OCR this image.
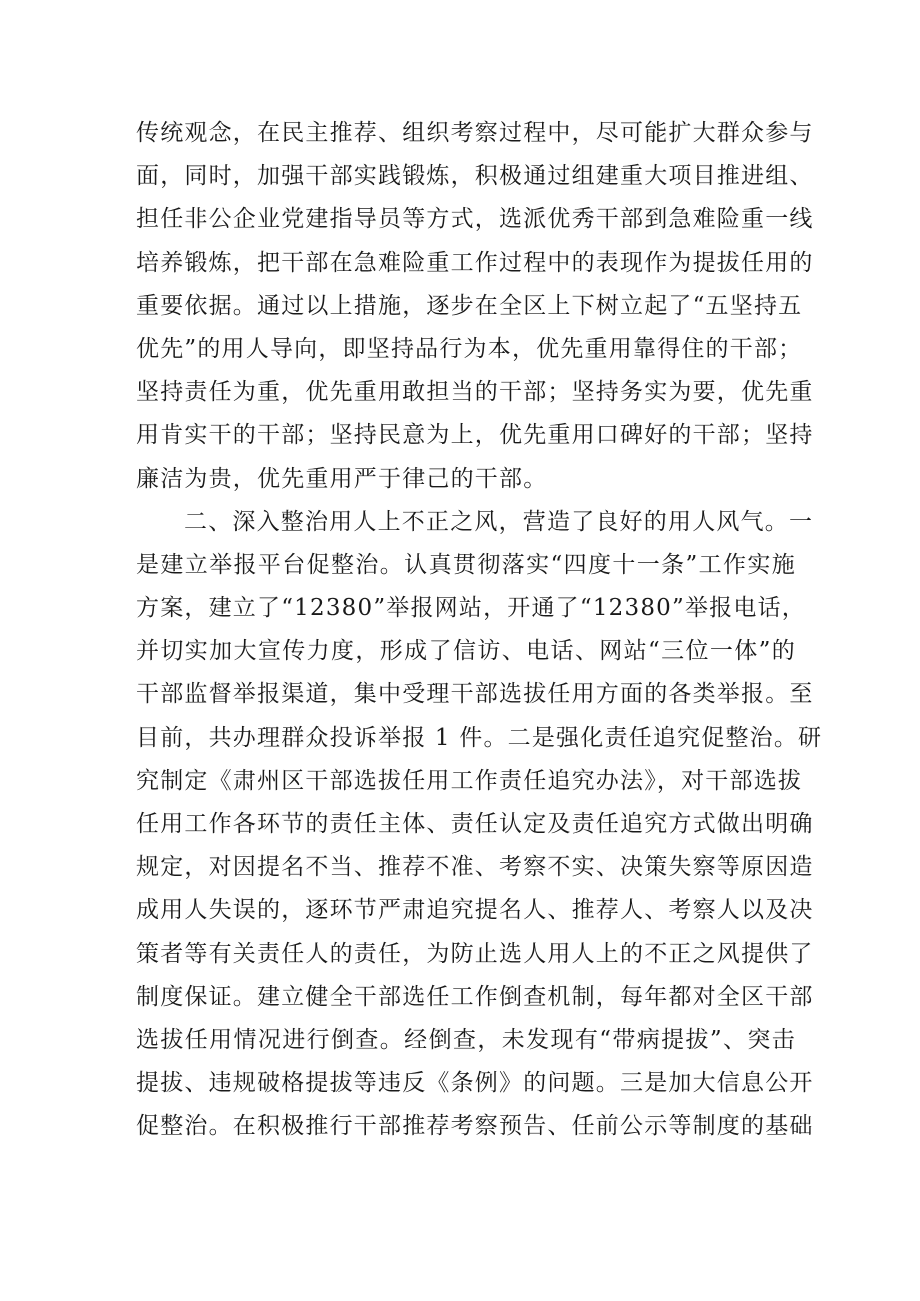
传统观念，在民主推荐、组织考察过程中，尽可能扩大群众参与
面，同时，加强干部实践锻炼，积极通过组建重大项目推进组、
担任非公企业党建指导员等方式，选派优秀干部到急难险重一线
培养锻炼，把干部在急难险重工作过程中的表现作为提拔任用的
重要依据。通过以上措施，逐步在全区上下树立起了“五坚持五
优先”的用人导向，即坚持品行为本，优先重用靠得住的干部；
坚持责任为重，优先重用敢担当的干部；坚持务实为要，优先重
用肯实干的干部；坚持民意为上，优先重用口碑好的干部；坚持
廉洁为贵，优先重用严于律己的干部。
二、深入整治用人上不正之风，营造了良好的用人风气。一
是建立举报平台促整治。认真贯彻落实“四度十一条”工作实施
方案，建立了“12380”举报网站，开通了“12380”举报电话，
并切实加大宣传力度，形成了信访、电话、网站“三位一体”的
干部监督举报渠道，集中受理干部选拔任用方面的各类举报。至
目前，共办理群众投诉举报 1 件。二是强化责任追究促整治。研
究制定《肃州区干部选拔任用工作责任追究办法》，对干部选拔
任用工作各环节的责任主体、责任认定及责任追究方式做出明确
规定，对因提名不当、推荐不准、考察不实、决策失察等原因造
成用人失误的，逐环节严肃追究提名人、推荐人、考察人以及决
策者等有关责任人的责任，为防止选人用人上的不正之风提供了
制度保证。建立健全干部选任工作倒查机制，每年都对全区干部
选拔任用情况进行倒查。经倒查，未发现有“带病提拔”、突击
提拔、违规破格提拔等违反《条例》的问题。三是加大信息公开
促整治。在积极推行干部推荐考察预告、任前公示等制度的基础
